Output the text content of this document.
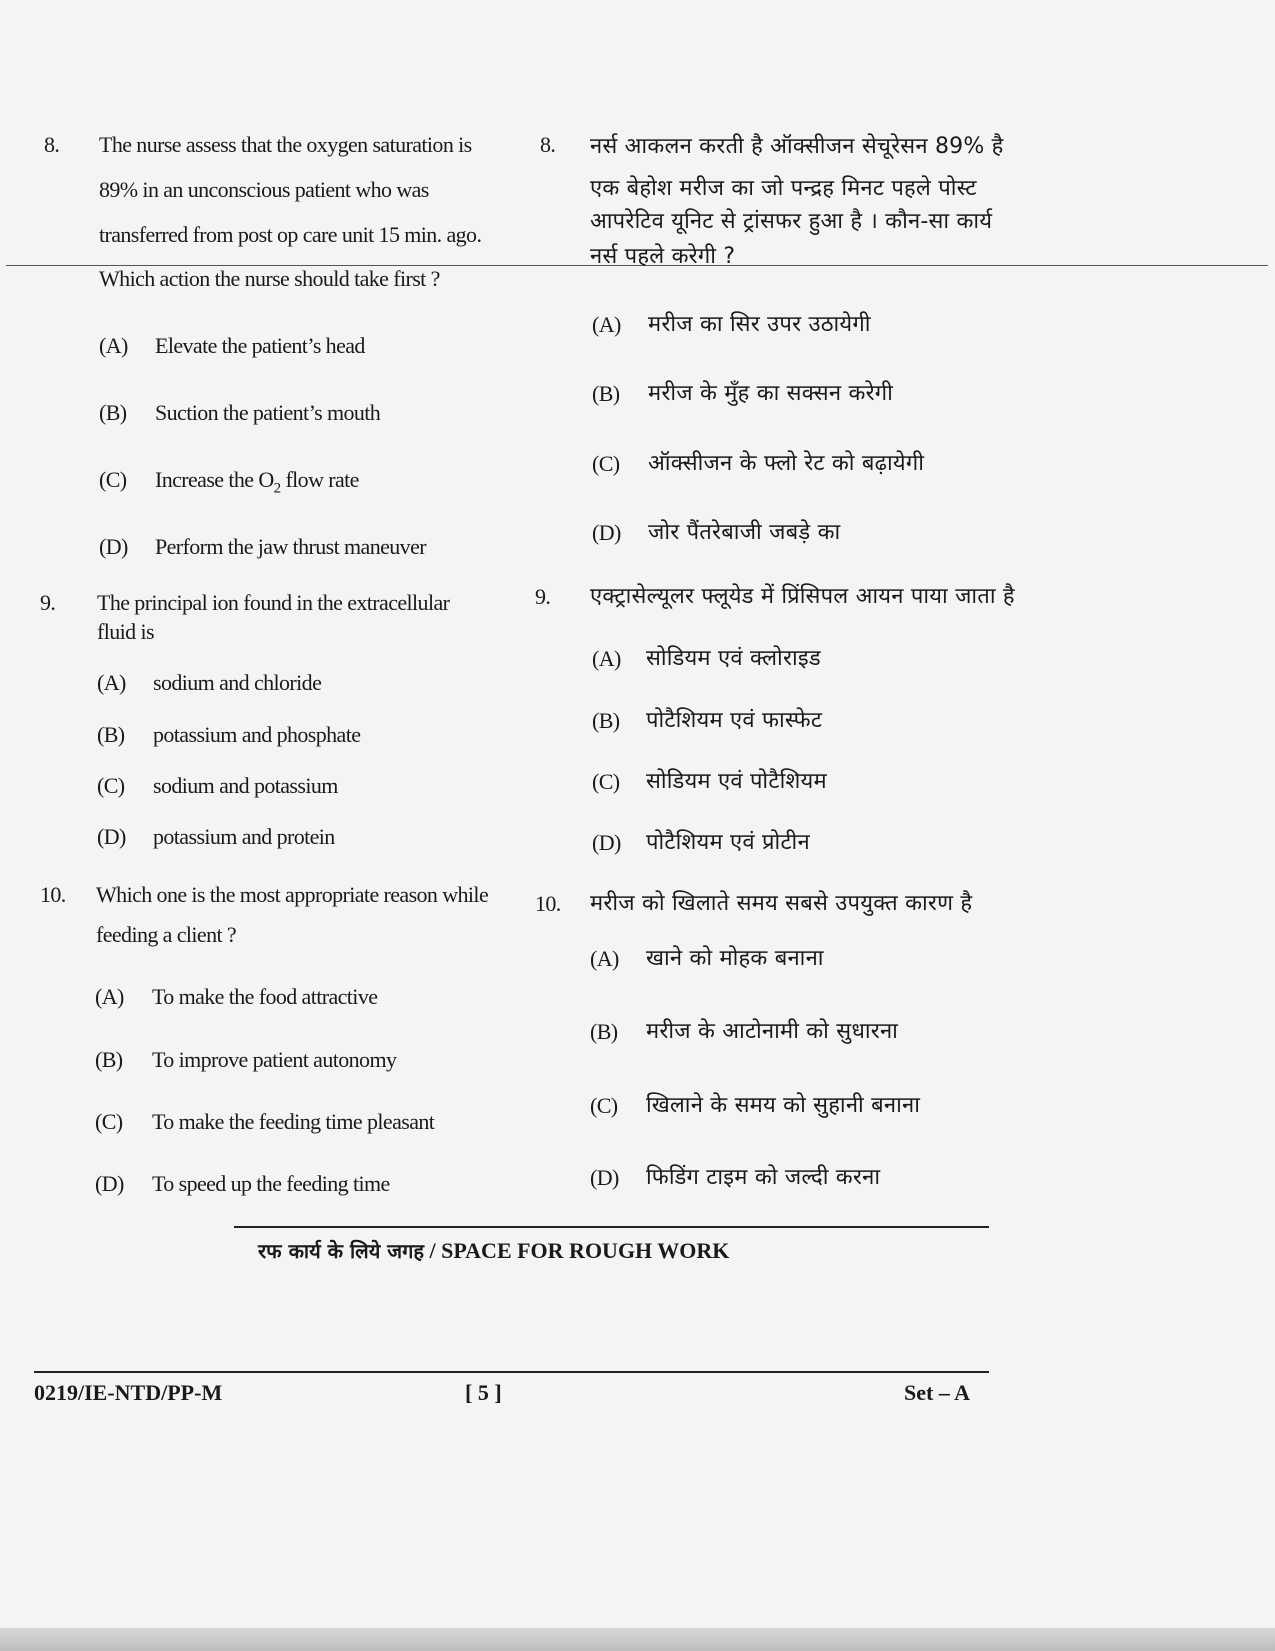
8. The nurse assess that the oxygen saturation is
89% in an unconscious patient who was
transferred from post op care unit 15 min. ago.
Which action the nurse should take first ?
(A) Elevate the patient’s head
(B) Suction the patient’s mouth
(C) Increase the $O_2$ flow rate
(D) Perform the jaw thrust maneuver
9. The principal ion found in the extracellular
fluid is
(A) sodium and chloride
(B) potassium and phosphate
(C) sodium and potassium
(D) potassium and protein
10. Which one is the most appropriate reason while
feeding a client ?
(A) To make the food attractive
(B) To improve patient autonomy
(C) To make the feeding time pleasant
(D) To speed up the feeding time
8. नर्स आकलन करती है ऑक्सीजन सेचूरेसन 89% है
एक बेहोश मरीज का जो पन्द्रह मिनट पहले पोस्ट
आपरेटिव यूनिट से ट्रांसफर हुआ है । कौन-सा कार्य
नर्स पहले करेगी ?
(A) मरीज का सिर उपर उठायेगी
(B) मरीज के मुँह का सक्सन करेगी
(C) ऑक्सीजन के फ्लो रेट को बढ़ायेगी
(D) जोर पैंतरेबाजी जबड़े का
9. एक्ट्रासेल्यूलर फ्लूयेड में प्रिंसिपल आयन पाया जाता है
(A) सोडियम एवं क्लोराइड
(B) पोटैशियम एवं फास्फेट
(C) सोडियम एवं पोटैशियम
(D) पोटैशियम एवं प्रोटीन
10. मरीज को खिलाते समय सबसे उपयुक्त कारण है
(A) खाने को मोहक बनाना
(B) मरीज के आटोनामी को सुधारना
(C) खिलाने के समय को सुहानी बनाना
(D) फिडिंग टाइम को जल्दी करना
रफ कार्य के लिये जगह / SPACE FOR ROUGH WORK
0219/IE-NTD/PP-M	[ 5 ]	Set – A
